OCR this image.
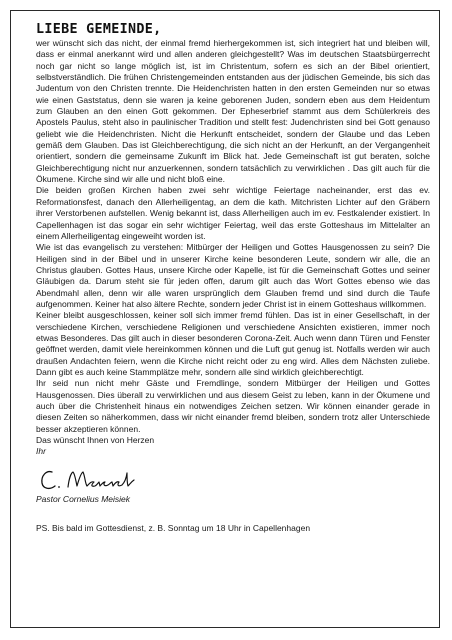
LIEBE GEMEINDE,

wer wünscht sich das nicht, der einmal fremd hierhergekommen ist, sich integriert hat und bleiben will, dass er einmal anerkannt wird und allen anderen gleichgestellt? Was im deutschen Staatsbürgerrecht noch gar nicht so lange möglich ist, ist im Christentum, sofern es sich an der Bibel orientiert, selbstverständlich. Die frühen Christengemeinden entstanden aus der jüdischen Gemeinde, bis sich das Judentum von den Christen trennte. Die Heidenchristen hatten in den ersten Gemeinden nur so etwas wie einen Gaststatus, denn sie waren ja keine geborenen Juden, sondern eben aus dem Heidentum zum Glauben an den einen Gott gekommen. Der Epheserbrief stammt aus dem Schülerkreis des Apostels Paulus, steht also in paulinischer Tradition und stellt fest: Judenchristen sind bei Gott genauso geliebt wie die Heidenchristen. Nicht die Herkunft entscheidet, sondern der Glaube und das Leben gemäß dem Glauben. Das ist Gleichberechtigung, die sich nicht an der Herkunft, an der Vergangenheit orientiert, sondern die gemeinsame Zukunft im Blick hat. Jede Gemeinschaft ist gut beraten, solche Gleichberechtigung nicht nur anzuerkennen, sondern tatsächlich zu verwirklichen . Das gilt auch für die Ökumene. Kirche sind wir alle und nicht bloß eine.

Die beiden großen Kirchen haben zwei sehr wichtige Feiertage nacheinander, erst das ev. Reformationsfest, danach den Allerheiligentag, an dem die kath. Mitchristen Lichter auf den Gräbern ihrer Verstorbenen aufstellen. Wenig bekannt ist, dass Allerheiligen auch im ev. Festkalender existiert. In Capellenhagen ist das sogar ein sehr wichtiger Feiertag, weil das erste Gotteshaus im Mittelalter an einem Allerheiligentag eingeweiht worden ist.

Wie ist das evangelisch zu verstehen: Mitbürger der Heiligen und Gottes Hausgenossen zu sein? Die Heiligen sind in der Bibel und in unserer Kirche keine besonderen Leute, sondern wir alle, die an Christus glauben. Gottes Haus, unsere Kirche oder Kapelle, ist für die Gemeinschaft Gottes und seiner Gläubigen da. Darum steht sie für jeden offen, darum gilt auch das Wort Gottes ebenso wie das Abendmahl allen, denn wir alle waren ursprünglich dem Glauben fremd und sind durch die Taufe aufgenommen. Keiner hat also ältere Rechte, sondern jeder Christ ist in einem Gotteshaus willkommen.

Keiner bleibt ausgeschlossen, keiner soll sich immer fremd fühlen. Das ist in einer Gesellschaft, in der verschiedene Kirchen, verschiedene Religionen und verschiedene Ansichten existieren, immer noch etwas Besonderes. Das gilt auch in dieser besonderen Corona-Zeit. Auch wenn dann Türen und Fenster geöffnet werden, damit viele hereinkommen können und die Luft gut genug ist. Notfalls werden wir auch draußen Andachten feiern, wenn die Kirche nicht reicht oder zu eng wird. Alles dem Nächsten zuliebe. Dann gibt es auch keine Stammplätze mehr, sondern alle sind wirklich gleichberechtigt.

Ihr seid nun nicht mehr Gäste und Fremdlinge, sondern Mitbürger der Heiligen und Gottes Hausgenossen. Dies überall zu verwirklichen und aus diesem Geist zu leben, kann in der Ökumene und auch über die Christenheit hinaus ein notwendiges Zeichen setzen. Wir können einander gerade in diesen Zeiten so näherkommen, dass wir nicht einander fremd bleiben, sondern trotz aller Unterschiede besser akzeptieren können.

Das wünscht Ihnen von Herzen

Ihr

Pastor Cornelius Meisiek

PS. Bis bald im Gottesdienst, z. B. Sonntag um 18 Uhr in Capellenhagen
